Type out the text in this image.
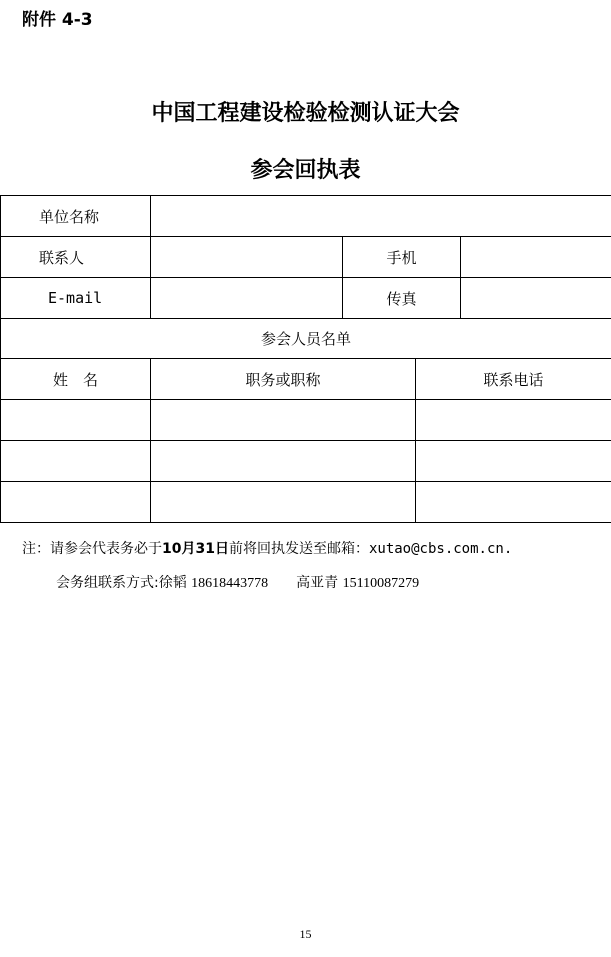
附件 4-3
中国工程建设检验检测认证大会
参会回执表
单位名称				
联系人		手机		
E-mail		传真		
参会人员名单				
姓　名	职务或职称		联系电话	

注：请参会代表务必于10月31日前将回执发送至邮箱：xutao@cbs.com.cn.
会务组联系方式:徐韬 18618443778 高亚青 15110087279
15
